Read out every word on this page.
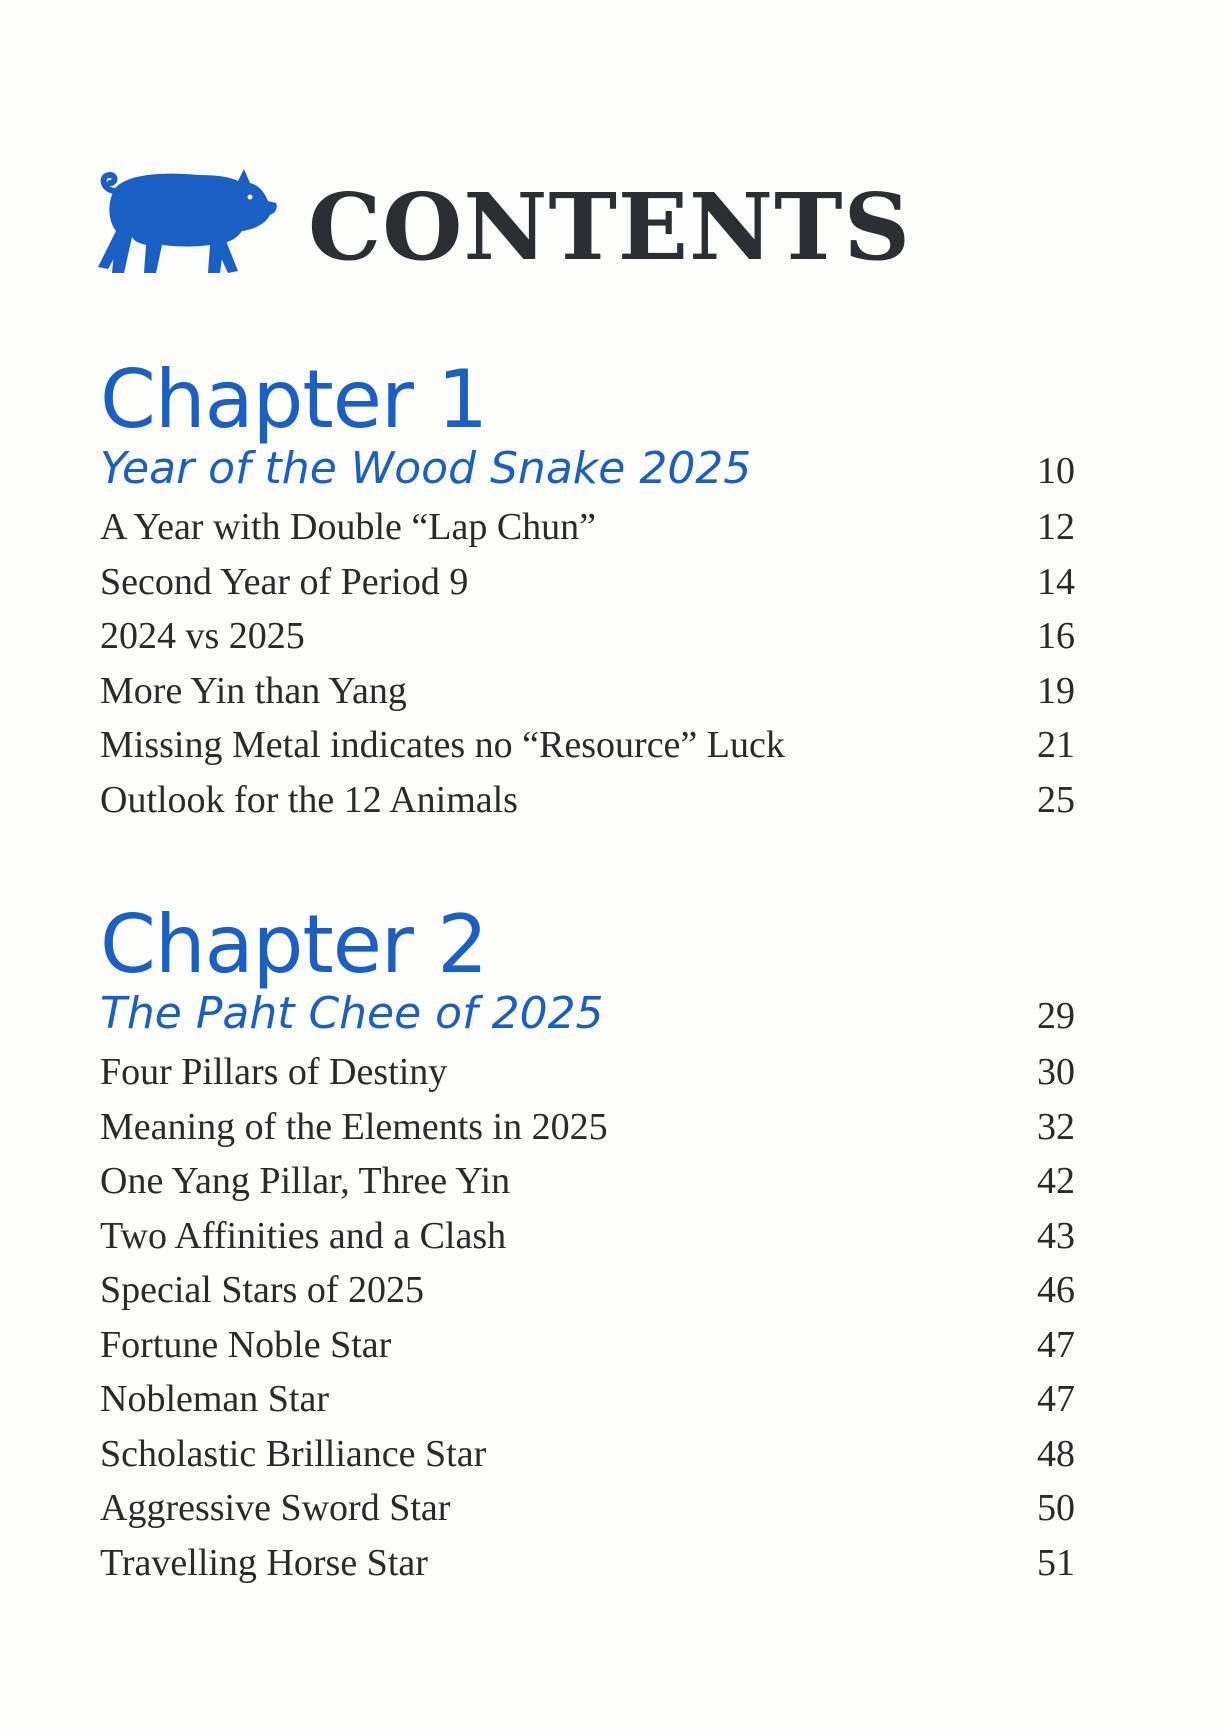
CONTENTS
Chapter 1
Year of the Wood Snake 2025	10
A Year with Double “Lap Chun”	12
Second Year of Period 9	14
2024 vs 2025	16
More Yin than Yang	19
Missing Metal indicates no “Resource” Luck	21
Outlook for the 12 Animals	25
Chapter 2
The Paht Chee of 2025	29
Four Pillars of Destiny	30
Meaning of the Elements in 2025	32
One Yang Pillar, Three Yin	42
Two Affinities and a Clash	43
Special Stars of 2025	46
Fortune Noble Star	47
Nobleman Star	47
Scholastic Brilliance Star	48
Aggressive Sword Star	50
Travelling Horse Star	51
